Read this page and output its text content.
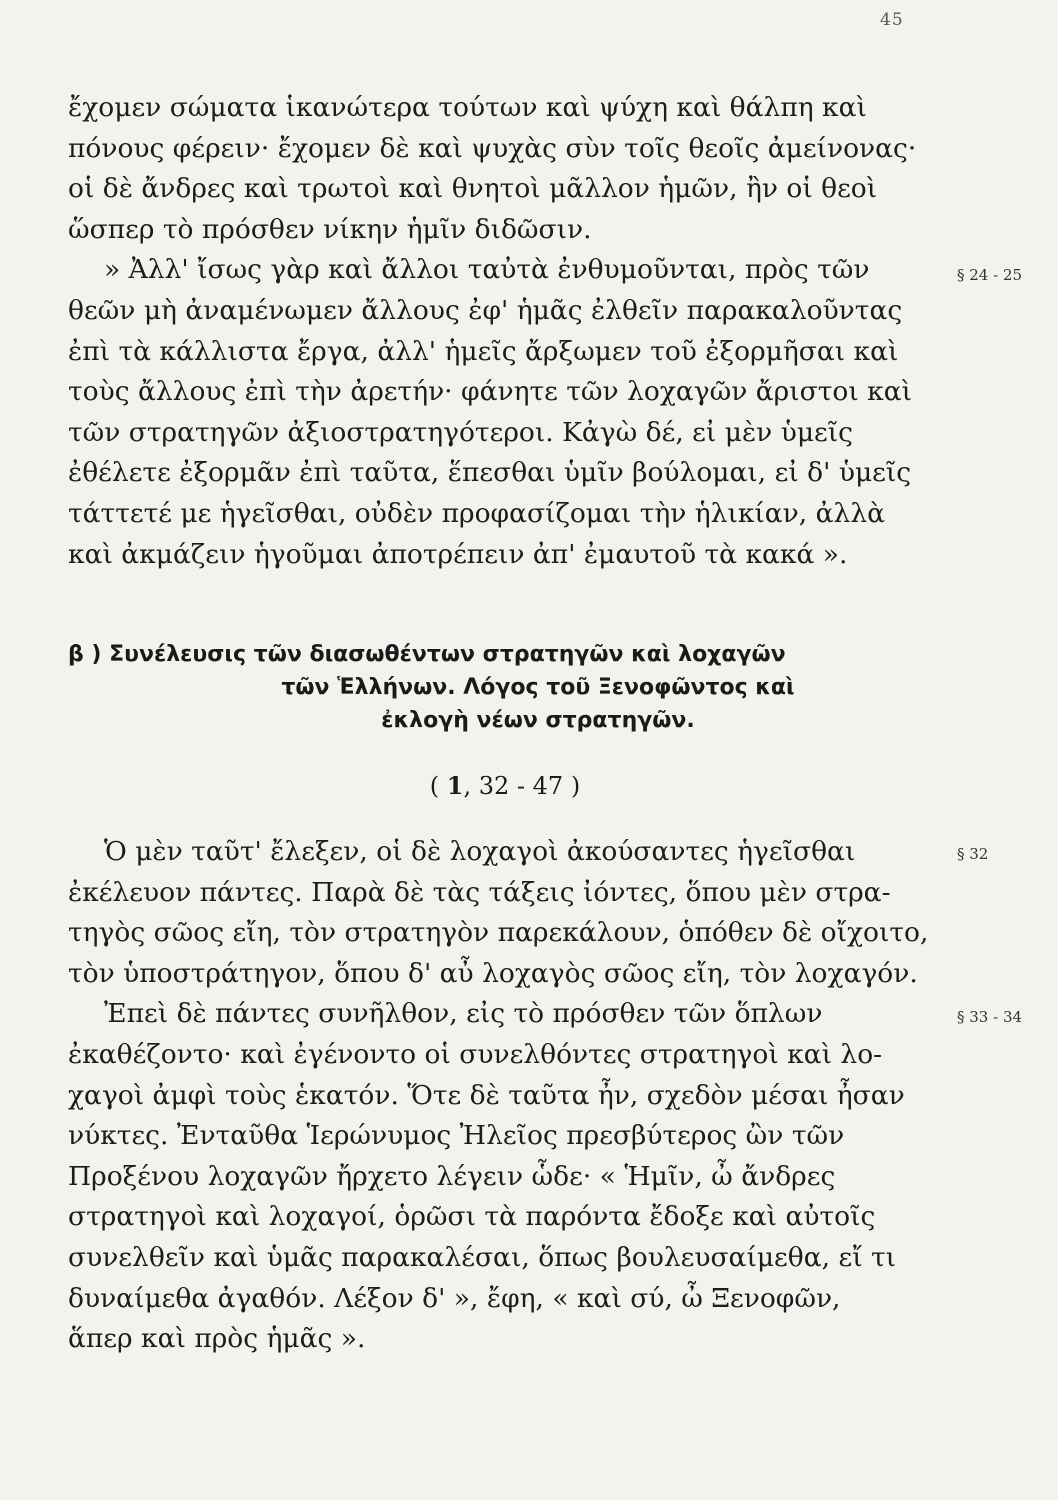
45
ἔχομεν σώματα ἱκανώτερα τούτων καὶ ψύχη καὶ θάλπη καὶ
πόνους φέρειν· ἔχομεν δὲ καὶ ψυχὰς σὺν τοῖς θεοῖς ἀμείνονας·
οἱ δὲ ἄνδρες καὶ τρωτοὶ καὶ θνητοὶ μᾶλλον ἡμῶν, ἢν οἱ θεοὶ
ὥσπερ τὸ πρόσθεν νίκην ἡμῖν διδῶσιν.
» Ἀλλ' ἴσως γὰρ καὶ ἄλλοι ταὐτὰ ἐνθυμοῦνται, πρὸς τῶν
θεῶν μὴ ἀναμένωμεν ἄλλους ἐφ' ἡμᾶς ἐλθεῖν παρακαλοῦντας
ἐπὶ τὰ κάλλιστα ἔργα, ἀλλ' ἡμεῖς ἄρξωμεν τοῦ ἐξορμῆσαι καὶ
τοὺς ἄλλους ἐπὶ τὴν ἀρετήν· φάνητε τῶν λοχαγῶν ἄριστοι καὶ
τῶν στρατηγῶν ἀξιοστρατηγότεροι. Κἀγὼ δέ, εἰ μὲν ὑμεῖς
ἐθέλετε ἐξορμᾶν ἐπὶ ταῦτα, ἕπεσθαι ὑμῖν βούλομαι, εἰ δ' ὑμεῖς
τάττετέ με ἡγεῖσθαι, οὐδὲν προφασίζομαι τὴν ἡλικίαν, ἀλλὰ
καὶ ἀκμάζειν ἡγοῦμαι ἀποτρέπειν ἀπ' ἐμαυτοῦ τὰ κακά ».
§ 24 - 25
β ) Συνέλευσις τῶν διασωθέντων στρατηγῶν καὶ λοχαγῶν
τῶν Ἑλλήνων. Λόγος τοῦ Ξενοφῶντος καὶ
ἐκλογὴ νέων στρατηγῶν.
( 1, 32 - 47 )
Ὁ μὲν ταῦτ' ἔλεξεν, οἱ δὲ λοχαγοὶ ἀκούσαντες ἡγεῖσθαι
ἐκέλευον πάντες. Παρὰ δὲ τὰς τάξεις ἰόντες, ὅπου μὲν στρα-
τηγὸς σῶος εἴη, τὸν στρατηγὸν παρεκάλουν, ὁπόθεν δὲ οἴχοιτο,
τὸν ὑποστράτηγον, ὅπου δ' αὖ λοχαγὸς σῶος εἴη, τὸν λοχαγόν.
Ἐπεὶ δὲ πάντες συνῆλθον, εἰς τὸ πρόσθεν τῶν ὅπλων
ἐκαθέζοντο· καὶ ἐγένοντο οἱ συνελθόντες στρατηγοὶ καὶ λο-
χαγοὶ ἀμφὶ τοὺς ἑκατόν. Ὅτε δὲ ταῦτα ἦν, σχεδὸν μέσαι ἦσαν
νύκτες. Ἐνταῦθα Ἱερώνυμος Ἠλεῖος πρεσβύτερος ὢν τῶν
Προξένου λοχαγῶν ἤρχετο λέγειν ὧδε· « Ἡμῖν, ὦ ἄνδρες
στρατηγοὶ καὶ λοχαγοί, ὁρῶσι τὰ παρόντα ἔδοξε καὶ αὐτοῖς
συνελθεῖν καὶ ὑμᾶς παρακαλέσαι, ὅπως βουλευσαίμεθα, εἴ τι
δυναίμεθα ἀγαθόν. Λέξον δ' », ἔφη, « καὶ σύ, ὦ Ξενοφῶν,
ἅπερ καὶ πρὸς ἡμᾶς ».
§ 32
§ 33 - 34
